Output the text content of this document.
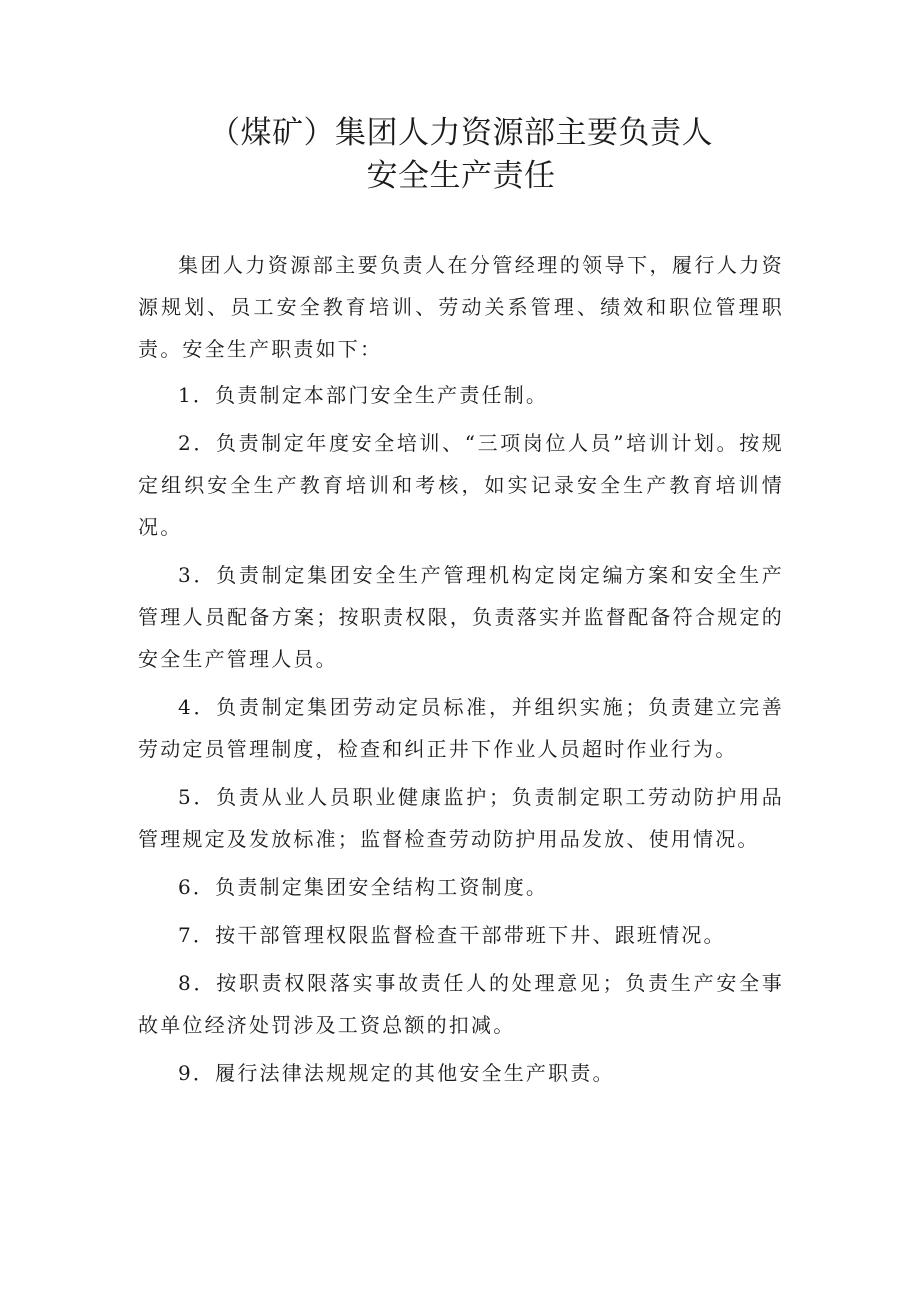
（煤矿）集团人力资源部主要负责人
安全生产责任

集团人力资源部主要负责人在分管经理的领导下，履行人力资源规划、员工安全教育培训、劳动关系管理、绩效和职位管理职责。安全生产职责如下：

1．负责制定本部门安全生产责任制。

2．负责制定年度安全培训、“三项岗位人员”培训计划。按规定组织安全生产教育培训和考核，如实记录安全生产教育培训情况。

3．负责制定集团安全生产管理机构定岗定编方案和安全生产管理人员配备方案；按职责权限，负责落实并监督配备符合规定的安全生产管理人员。

4．负责制定集团劳动定员标准，并组织实施；负责建立完善劳动定员管理制度，检查和纠正井下作业人员超时作业行为。

5．负责从业人员职业健康监护；负责制定职工劳动防护用品管理规定及发放标准；监督检查劳动防护用品发放、使用情况。

6．负责制定集团安全结构工资制度。

7．按干部管理权限监督检查干部带班下井、跟班情况。

8．按职责权限落实事故责任人的处理意见；负责生产安全事故单位经济处罚涉及工资总额的扣减。

9．履行法律法规规定的其他安全生产职责。
